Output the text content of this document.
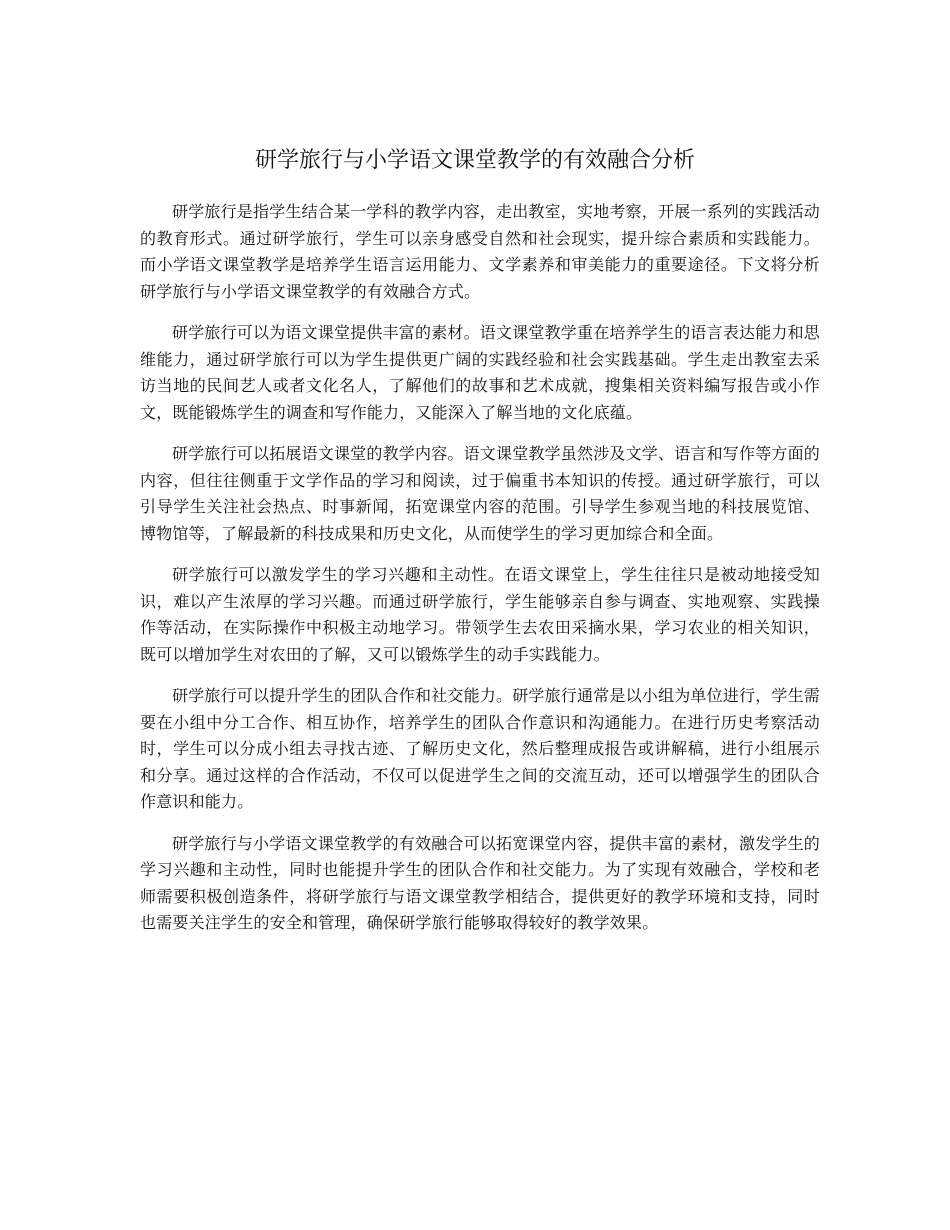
研学旅行与小学语文课堂教学的有效融合分析

研学旅行是指学生结合某一学科的教学内容，走出教室，实地考察，开展一系列的实践活动的教育形式。通过研学旅行，学生可以亲身感受自然和社会现实，提升综合素质和实践能力。而小学语文课堂教学是培养学生语言运用能力、文学素养和审美能力的重要途径。下文将分析研学旅行与小学语文课堂教学的有效融合方式。

研学旅行可以为语文课堂提供丰富的素材。语文课堂教学重在培养学生的语言表达能力和思维能力，通过研学旅行可以为学生提供更广阔的实践经验和社会实践基础。学生走出教室去采访当地的民间艺人或者文化名人，了解他们的故事和艺术成就，搜集相关资料编写报告或小作文，既能锻炼学生的调查和写作能力，又能深入了解当地的文化底蕴。

研学旅行可以拓展语文课堂的教学内容。语文课堂教学虽然涉及文学、语言和写作等方面的内容，但往往侧重于文学作品的学习和阅读，过于偏重书本知识的传授。通过研学旅行，可以引导学生关注社会热点、时事新闻，拓宽课堂内容的范围。引导学生参观当地的科技展览馆、博物馆等，了解最新的科技成果和历史文化，从而使学生的学习更加综合和全面。

研学旅行可以激发学生的学习兴趣和主动性。在语文课堂上，学生往往只是被动地接受知识，难以产生浓厚的学习兴趣。而通过研学旅行，学生能够亲自参与调查、实地观察、实践操作等活动，在实际操作中积极主动地学习。带领学生去农田采摘水果，学习农业的相关知识，既可以增加学生对农田的了解，又可以锻炼学生的动手实践能力。

研学旅行可以提升学生的团队合作和社交能力。研学旅行通常是以小组为单位进行，学生需要在小组中分工合作、相互协作，培养学生的团队合作意识和沟通能力。在进行历史考察活动时，学生可以分成小组去寻找古迹、了解历史文化，然后整理成报告或讲解稿，进行小组展示和分享。通过这样的合作活动，不仅可以促进学生之间的交流互动，还可以增强学生的团队合作意识和能力。

研学旅行与小学语文课堂教学的有效融合可以拓宽课堂内容，提供丰富的素材，激发学生的学习兴趣和主动性，同时也能提升学生的团队合作和社交能力。为了实现有效融合，学校和老师需要积极创造条件，将研学旅行与语文课堂教学相结合，提供更好的教学环境和支持，同时也需要关注学生的安全和管理，确保研学旅行能够取得较好的教学效果。
